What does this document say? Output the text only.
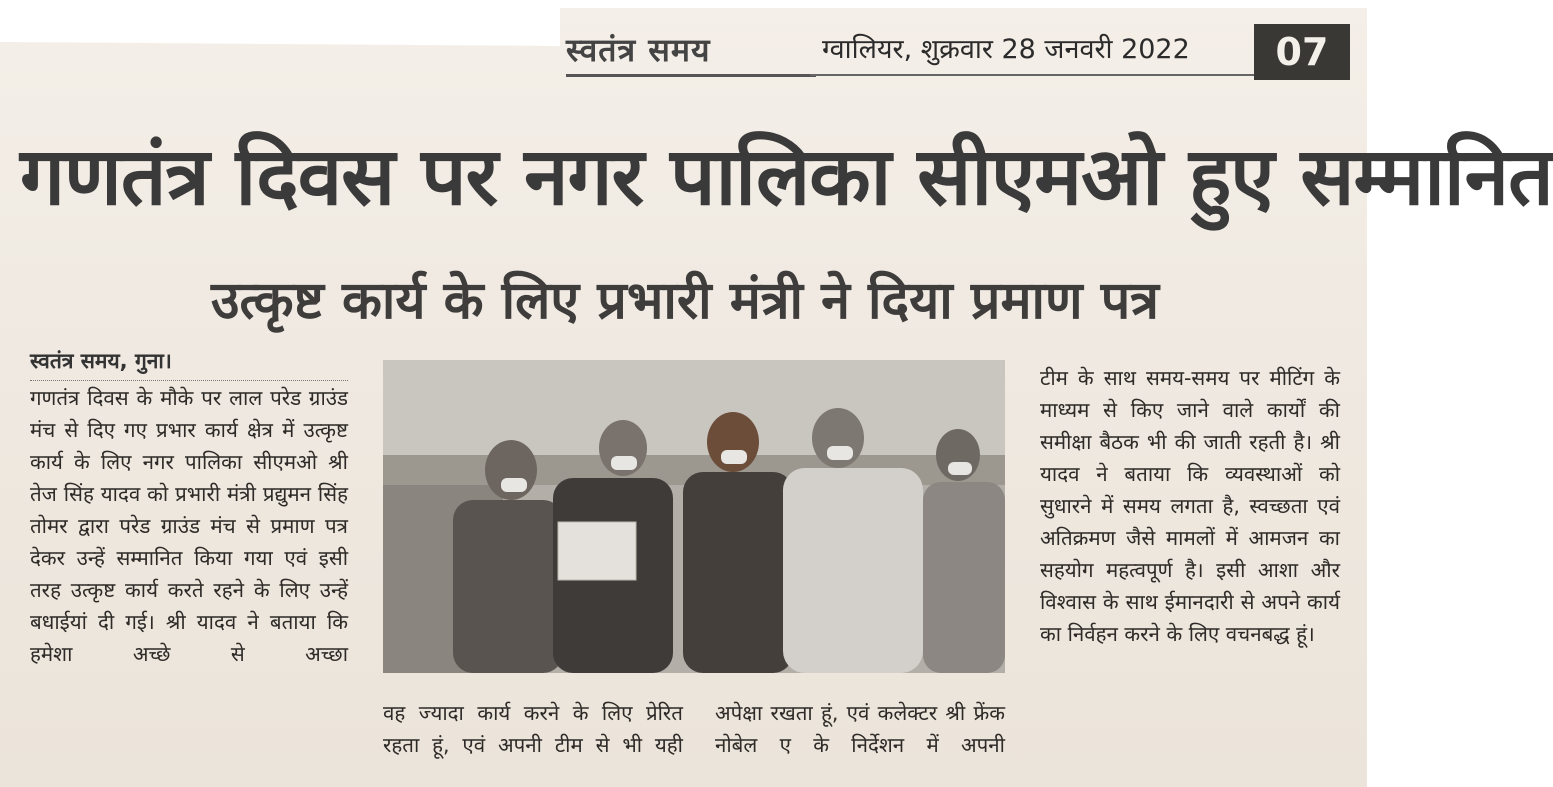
स्वतंत्र समय	ग्वालियर, शुक्रवार 28 जनवरी 2022	07
गणतंत्र दिवस पर नगर पालिका सीएमओ हुए सम्मानित
उत्कृष्ट कार्य के लिए प्रभारी मंत्री ने दिया प्रमाण पत्र
स्वतंत्र समय, गुना।

गणतंत्र दिवस के मौके पर लाल परेड ग्राउंड मंच से दिए गए प्रभार कार्य क्षेत्र में उत्कृष्ट कार्य के लिए नगर पालिका सीएमओ श्री तेज सिंह यादव को प्रभारी मंत्री प्रद्युमन सिंह तोमर द्वारा परेड ग्राउंड मंच से प्रमाण पत्र देकर उन्हें सम्मानित किया गया एवं इसी तरह उत्कृष्ट कार्य करते रहने के लिए उन्हें बधाईयां दी गई। श्री यादव ने बताया कि हमेशा अच्छे से अच्छा

वह ज्यादा कार्य करने के लिए प्रेरित रहता हूं, एवं अपनी टीम से भी यही

अपेक्षा रखता हूं, एवं कलेक्टर श्री फ्रेंक नोबेल ए के निर्देशन में अपनी

टीम के साथ समय-समय पर मीटिंग के माध्यम से किए जाने वाले कार्यों की समीक्षा बैठक भी की जाती रहती है। श्री यादव ने बताया कि व्यवस्थाओं को सुधारने में समय लगता है, स्वच्छता एवं अतिक्रमण जैसे मामलों में आमजन का सहयोग महत्वपूर्ण है। इसी आशा और विश्वास के साथ ईमानदारी से अपने कार्य का निर्वहन करने के लिए वचनबद्ध हूं।
